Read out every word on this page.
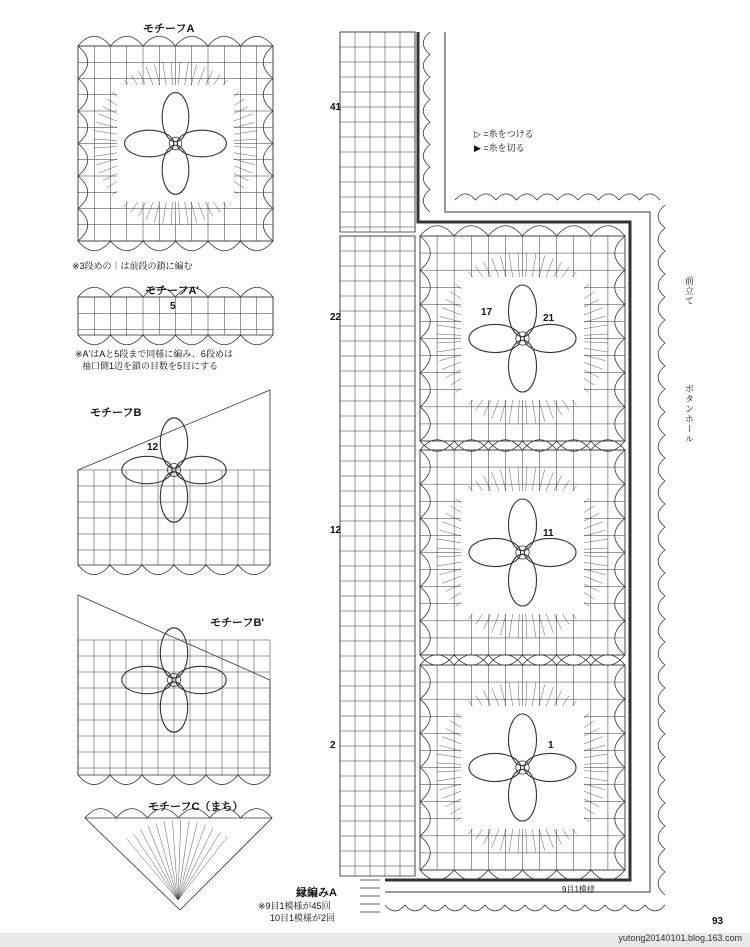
モチーフA
※3段めの｜は前段の鎖に編む
モチーフA'
※A'はAと5段まで同様に編み、6段めは
袖口側1辺を鎖の目数を5目にする
モチーフB
モチーフB'
モチーフC（まち）
▷ =糸をつける
▶ =糸を切る
41
22
12
2
17
21
11
1
12
5
前立て
ボタンホール
縁編みA
※9目1模様が45回
10目1模様が2回
9目1模様
93
yutong20140101.blog.163.com
